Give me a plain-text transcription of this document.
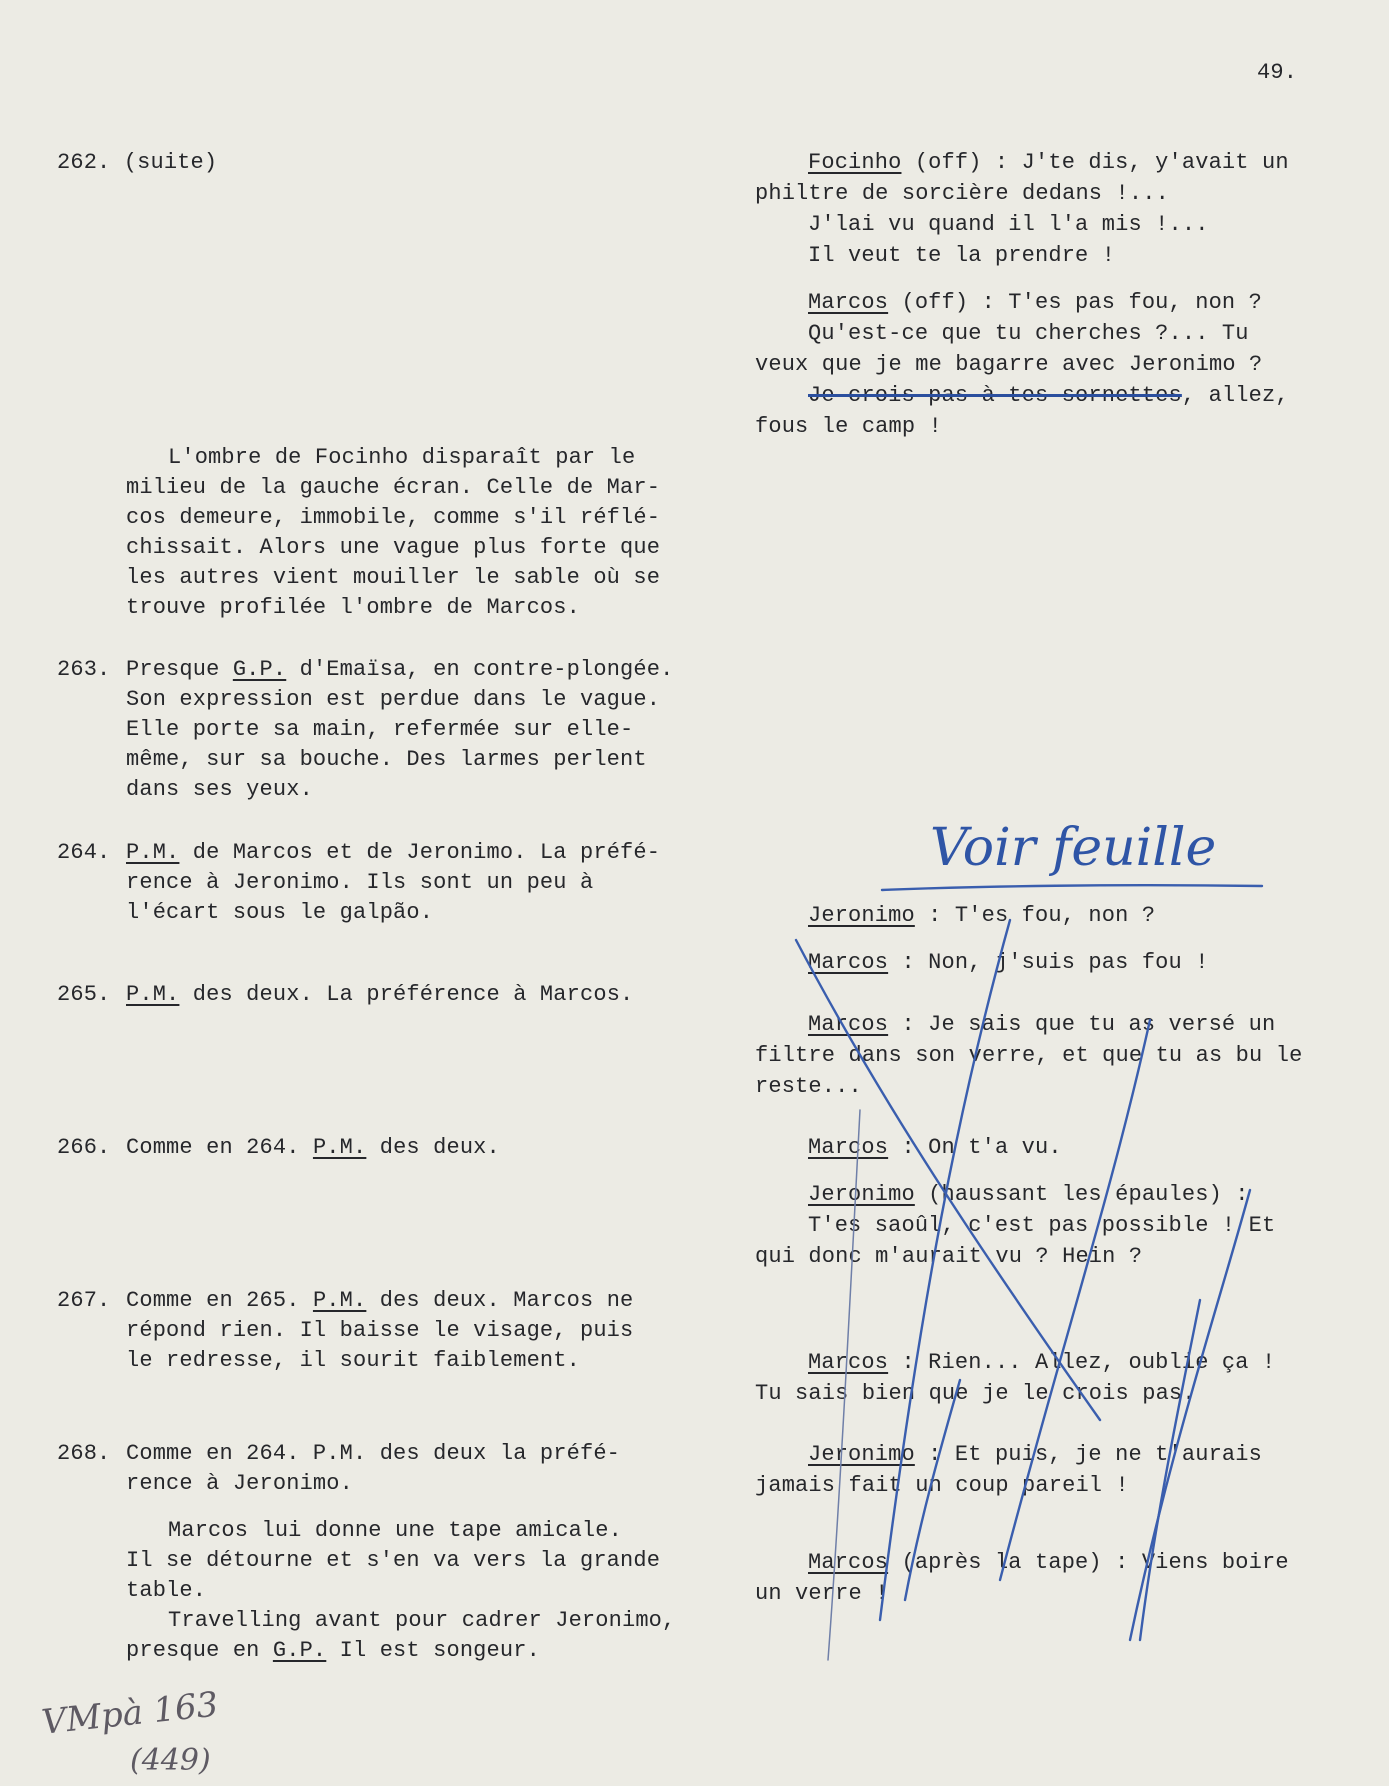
49.
262. (suite)
L'ombre de Focinho disparaît par le
milieu de la gauche écran. Celle de Mar-
cos demeure, immobile, comme s'il réflé-
chissait. Alors une vague plus forte que
les autres vient mouiller le sable où se
trouve profilée l'ombre de Marcos.
263. Presque G.P. d'Emaïsa, en contre-plongée.
Son expression est perdue dans le vague.
Elle porte sa main, refermée sur elle-
même, sur sa bouche. Des larmes perlent
dans ses yeux.
264. P.M. de Marcos et de Jeronimo. La préfé-
rence à Jeronimo. Ils sont un peu à
l'écart sous le galpão.
265. P.M. des deux. La préférence à Marcos.
266. Comme en 264. P.M. des deux.
267. Comme en 265. P.M. des deux. Marcos ne
répond rien. Il baisse le visage, puis
le redresse, il sourit faiblement.
268. Comme en 264. P.M. des deux la préfé-
rence à Jeronimo.
Marcos lui donne une tape amicale.
Il se détourne et s'en va vers la grande
table.
Travelling avant pour cadrer Jeronimo,
presque en G.P. Il est songeur.
Focinho (off) : J'te dis, y'avait un
philtre de sorcière dedans !...
J'lai vu quand il l'a mis !...
Il veut te la prendre !
Marcos (off) : T'es pas fou, non ?
Qu'est-ce que tu cherches ?... Tu
veux que je me bagarre avec Jeronimo ?
Je crois pas à tes sornettes, allez,
fous le camp !
Voir feuille
Jeronimo : T'es fou, non ?
Marcos : Non, j'suis pas fou !
Marcos : Je sais que tu as versé un
filtre dans son verre, et que tu as bu le
reste...
Marcos : On t'a vu.
Jeronimo (haussant les épaules) :
T'es saoûl, c'est pas possible ! Et
qui donc m'aurait vu ? Hein ?
Marcos : Rien... Allez, oublie ça !
Tu sais bien que je le crois pas.
Jeronimo : Et puis, je ne t'aurais
jamais fait un coup pareil !
Marcos (après la tape) : Viens boire
un verre !
VMpà 163
(449)
